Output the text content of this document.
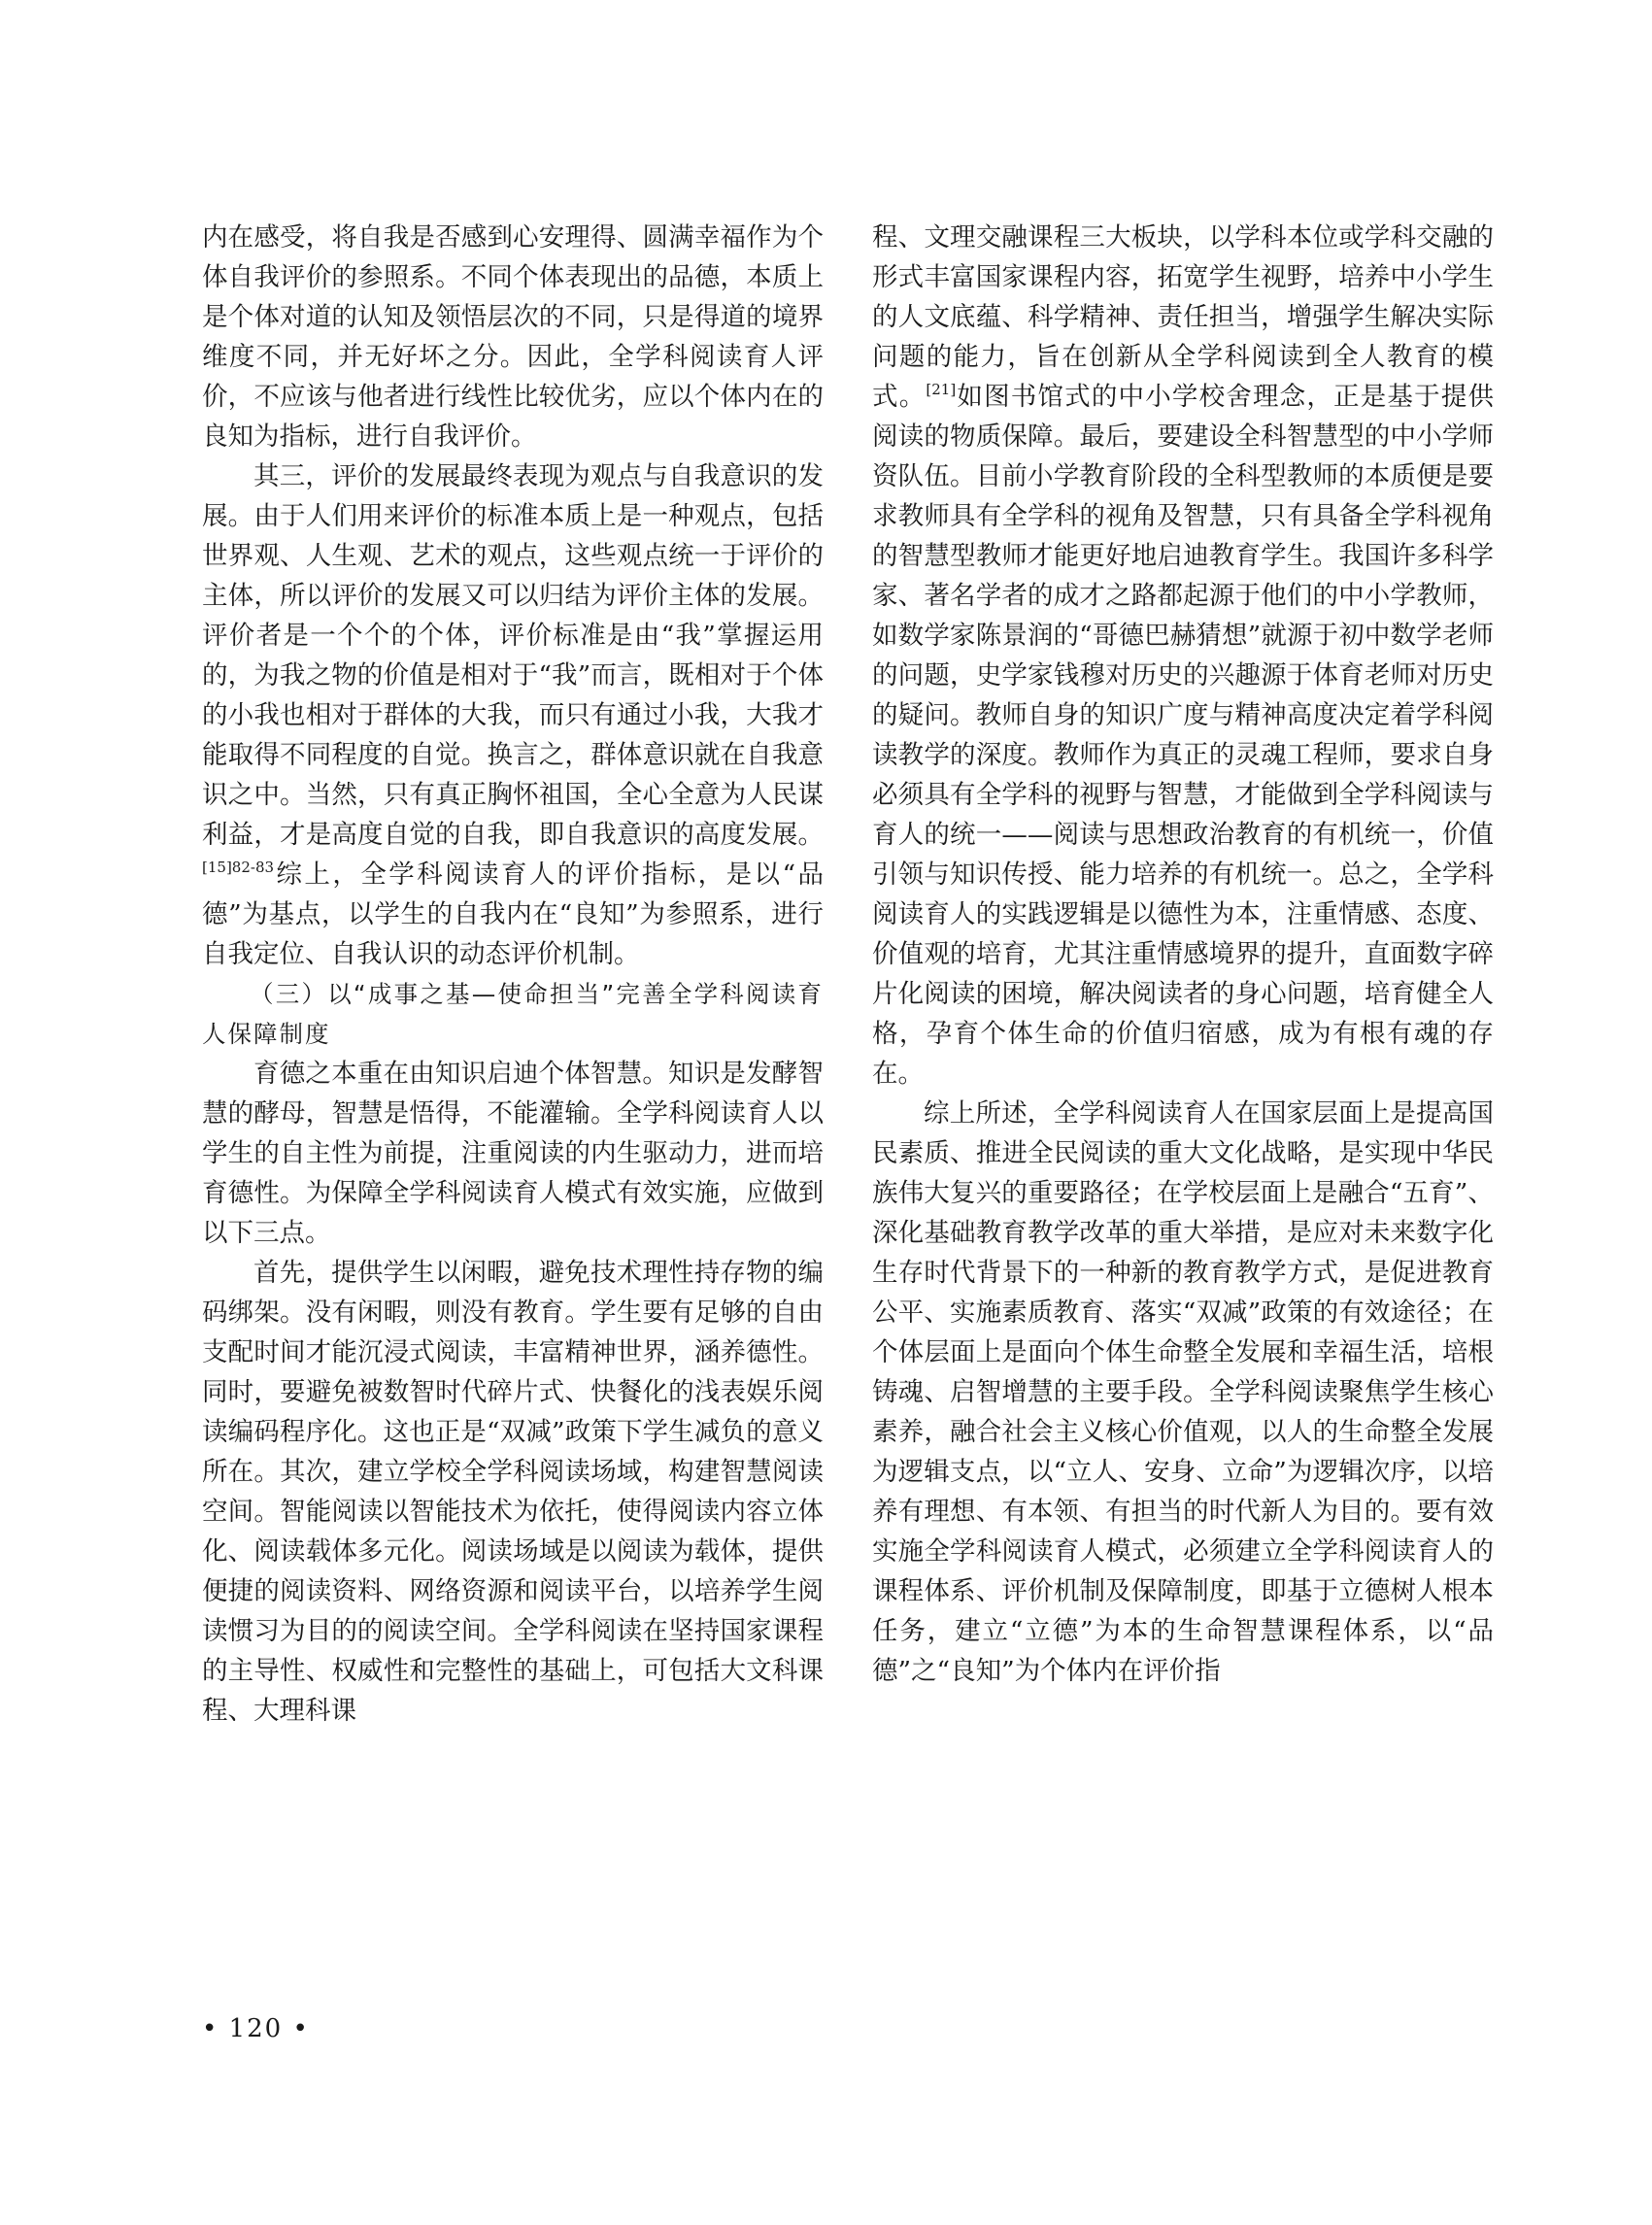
内在感受，将自我是否感到心安理得、圆满幸福作为个体自我评价的参照系。不同个体表现出的品德，本质上是个体对道的认知及领悟层次的不同，只是得道的境界维度不同，并无好坏之分。因此，全学科阅读育人评价，不应该与他者进行线性比较优劣，应以个体内在的良知为指标，进行自我评价。

其三，评价的发展最终表现为观点与自我意识的发展。由于人们用来评价的标准本质上是一种观点，包括世界观、人生观、艺术的观点，这些观点统一于评价的主体，所以评价的发展又可以归结为评价主体的发展。评价者是一个个的个体，评价标准是由“我”掌握运用的，为我之物的价值是相对于“我”而言，既相对于个体的小我也相对于群体的大我，而只有通过小我，大我才能取得不同程度的自觉。换言之，群体意识就在自我意识之中。当然，只有真正胸怀祖国，全心全意为人民谋利益，才是高度自觉的自我，即自我意识的高度发展。$^{[15]82-83}$综上，全学科阅读育人的评价指标，是以“品德”为基点，以学生的自我内在“良知”为参照系，进行自我定位、自我认识的动态评价机制。

（三）以“成事之基—使命担当”完善全学科阅读育人保障制度

育德之本重在由知识启迪个体智慧。知识是发酵智慧的酵母，智慧是悟得，不能灌输。全学科阅读育人以学生的自主性为前提，注重阅读的内生驱动力，进而培育德性。为保障全学科阅读育人模式有效实施，应做到以下三点。

首先，提供学生以闲暇，避免技术理性持存物的编码绑架。没有闲暇，则没有教育。学生要有足够的自由支配时间才能沉浸式阅读，丰富精神世界，涵养德性。同时，要避免被数智时代碎片式、快餐化的浅表娱乐阅读编码程序化。这也正是“双减”政策下学生减负的意义所在。其次，建立学校全学科阅读场域，构建智慧阅读空间。智能阅读以智能技术为依托，使得阅读内容立体化、阅读载体多元化。阅读场域是以阅读为载体，提供便捷的阅读资料、网络资源和阅读平台，以培养学生阅读惯习为目的的阅读空间。全学科阅读在坚持国家课程的主导性、权威性和完整性的基础上，可包括大文科课程、大理科课

程、文理交融课程三大板块，以学科本位或学科交融的形式丰富国家课程内容，拓宽学生视野，培养中小学生的人文底蕴、科学精神、责任担当，增强学生解决实际问题的能力，旨在创新从全学科阅读到全人教育的模式。[21]如图书馆式的中小学校舍理念，正是基于提供阅读的物质保障。最后，要建设全科智慧型的中小学师资队伍。目前小学教育阶段的全科型教师的本质便是要求教师具有全学科的视角及智慧，只有具备全学科视角的智慧型教师才能更好地启迪教育学生。我国许多科学家、著名学者的成才之路都起源于他们的中小学教师，如数学家陈景润的“哥德巴赫猜想”就源于初中数学老师的问题，史学家钱穆对历史的兴趣源于体育老师对历史的疑问。教师自身的知识广度与精神高度决定着学科阅读教学的深度。教师作为真正的灵魂工程师，要求自身必须具有全学科的视野与智慧，才能做到全学科阅读与育人的统一——阅读与思想政治教育的有机统一，价值引领与知识传授、能力培养的有机统一。总之，全学科阅读育人的实践逻辑是以德性为本，注重情感、态度、价值观的培育，尤其注重情感境界的提升，直面数字碎片化阅读的困境，解决阅读者的身心问题，培育健全人格，孕育个体生命的价值归宿感，成为有根有魂的存在。

综上所述，全学科阅读育人在国家层面上是提高国民素质、推进全民阅读的重大文化战略，是实现中华民族伟大复兴的重要路径；在学校层面上是融合“五育”、深化基础教育教学改革的重大举措，是应对未来数字化生存时代背景下的一种新的教育教学方式，是促进教育公平、实施素质教育、落实“双减”政策的有效途径；在个体层面上是面向个体生命整全发展和幸福生活，培根铸魂、启智增慧的主要手段。全学科阅读聚焦学生核心素养，融合社会主义核心价值观，以人的生命整全发展为逻辑支点，以“立人、安身、立命”为逻辑次序，以培养有理想、有本领、有担当的时代新人为目的。要有效实施全学科阅读育人模式，必须建立全学科阅读育人的课程体系、评价机制及保障制度，即基于立德树人根本任务，建立“立德”为本的生命智慧课程体系，以“品德”之“良知”为个体内在评价指

• 120 •
